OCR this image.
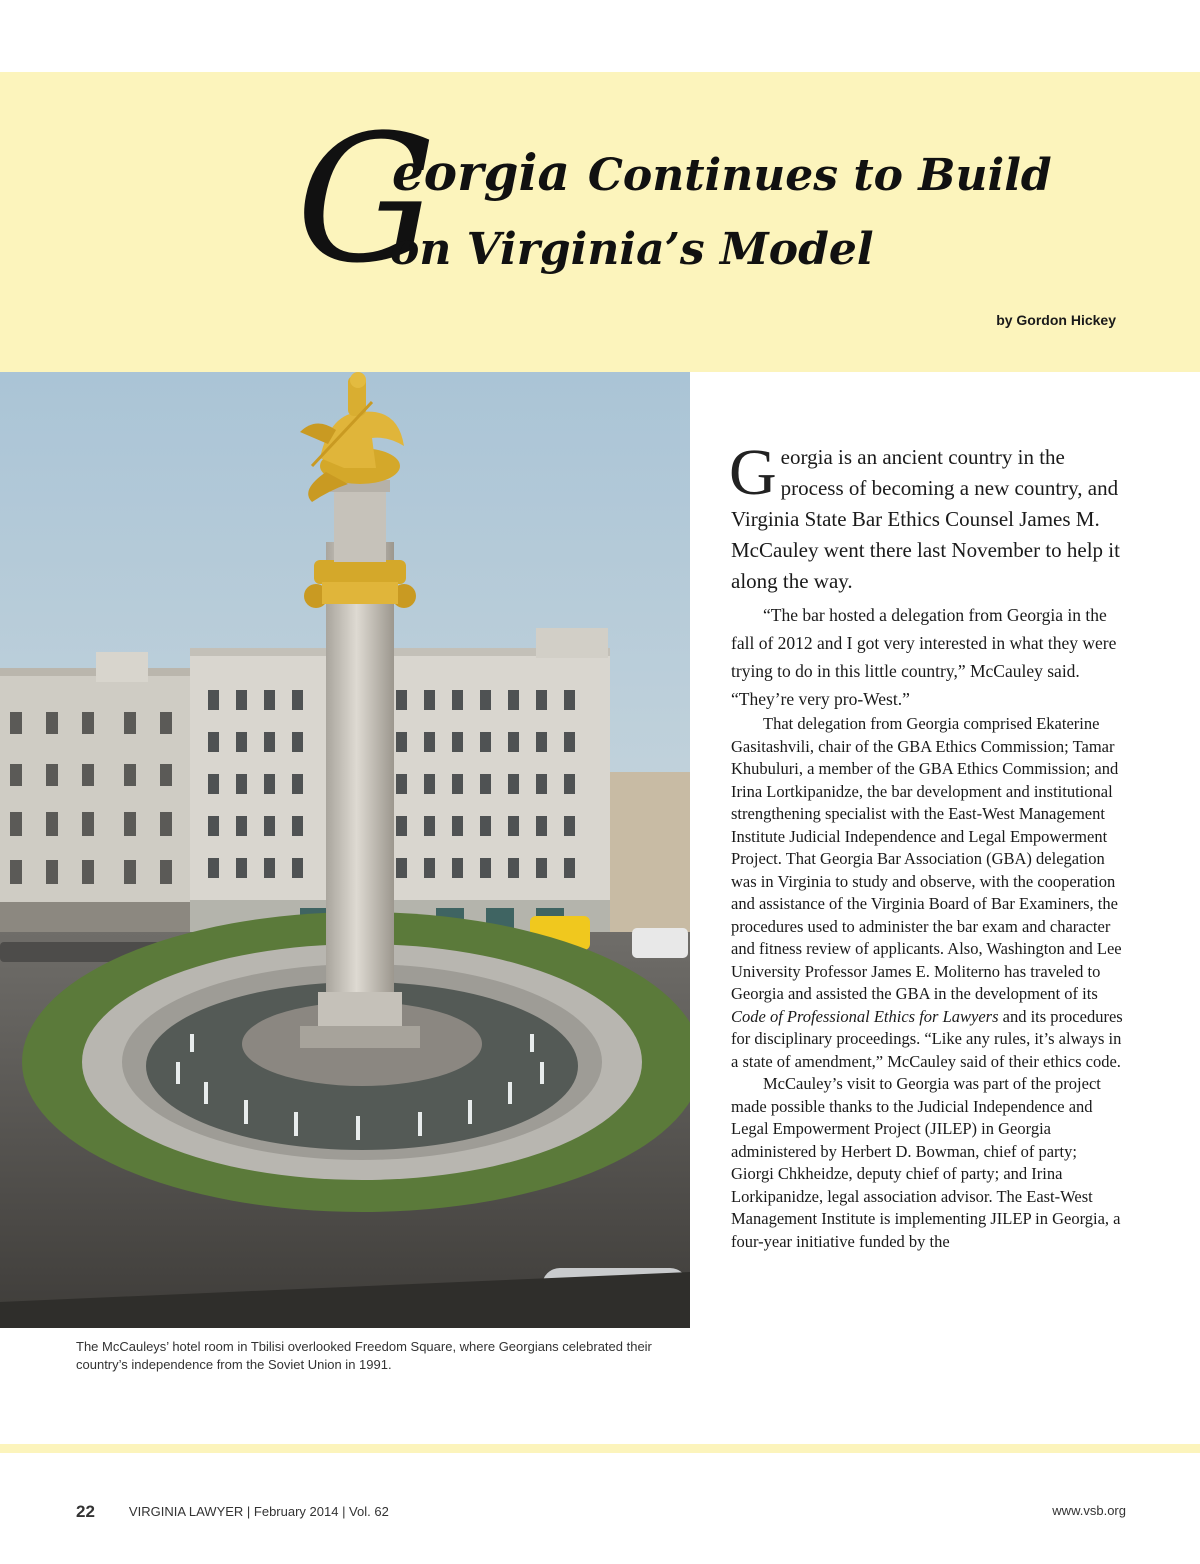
G
eorgia Continues to Build
on Virginia’s Model
by Gordon Hickey
The McCauleys’ hotel room in Tbilisi overlooked Freedom Square, where Georgians celebrated their country’s independence from the Soviet Union in 1991.

Georgia is an ancient country in the process of becoming a new country, and Virginia State Bar Ethics Counsel James M. McCauley went there last November to help it along the way.

“The bar hosted a delegation from Georgia in the fall of 2012 and I got very interested in what they were trying to do in this little country,” McCauley said. “They’re very pro-West.”

That delegation from Georgia comprised Ekaterine Gasitashvili, chair of the GBA Ethics Commission; Tamar Khubuluri, a member of the GBA Ethics Commission; and Irina Lortkipanidze, the bar development and institutional strengthening specialist with the East-West Management Institute Judicial Independence and Legal Empowerment Project. That Georgia Bar Association (GBA) delegation was in Virginia to study and observe, with the cooperation and assistance of the Virginia Board of Bar Examiners, the procedures used to administer the bar exam and character and fitness review of applicants. Also, Washington and Lee University Professor James E. Moliterno has traveled to Georgia and assisted the GBA in the development of its Code of Professional Ethics for Lawyers and its procedures for disciplinary proceedings. “Like any rules, it’s always in a state of amendment,” McCauley said of their ethics code.

McCauley’s visit to Georgia was part of the project made possible thanks to the Judicial Independence and Legal Empowerment Project (JILEP) in Georgia administered by Herbert D. Bowman, chief of party; Giorgi Chkheidze, deputy chief of party; and Irina Lorkipanidze, legal association advisor. The East-West Management Institute is implementing JILEP in Georgia, a four-year initiative funded by the

22	VIRGINIA LAWYER | February 2014 | Vol. 62	www.vsb.org
